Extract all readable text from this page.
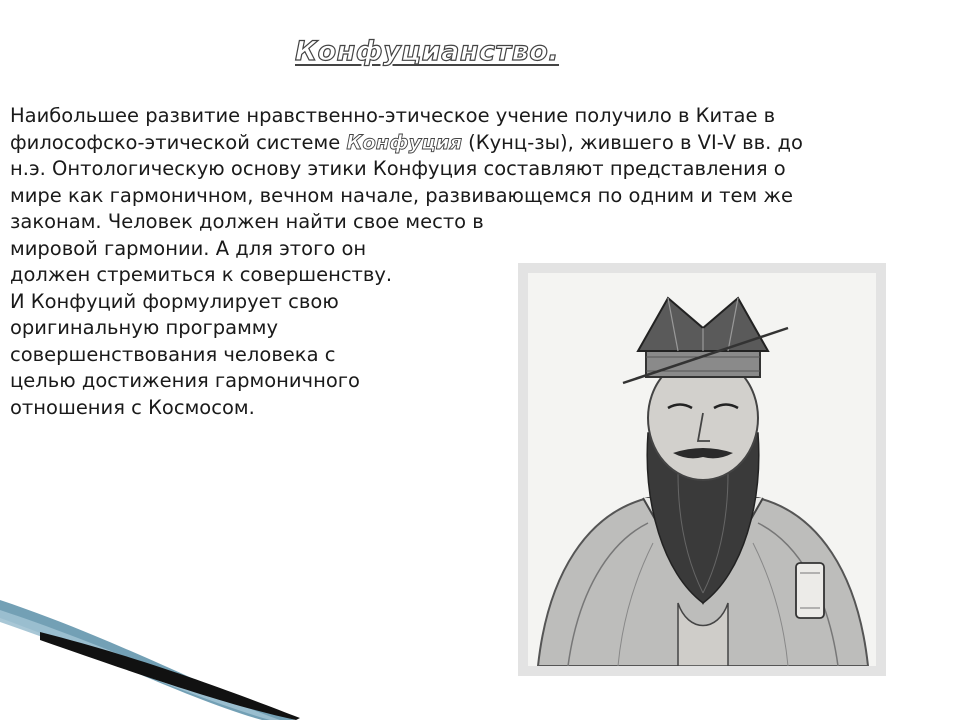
Конфуцианство.
Наибольшее развитие нравственно-этическое учение получило в Китае в
философско-этической системе Конфуция (Кунц-зы), жившего в VI-V вв. до
н.э. Онтологическую основу этики Конфуция составляют представления о
мире как гармоничном, вечном начале, развивающемся по одним и тем же
законам. Человек должен найти свое место в
мировой гармонии. А для этого он
должен стремиться к совершенству.
И Конфуций формулирует свою
оригинальную программу
совершенствования человека с
целью достижения гармоничного
отношения с Космосом.
